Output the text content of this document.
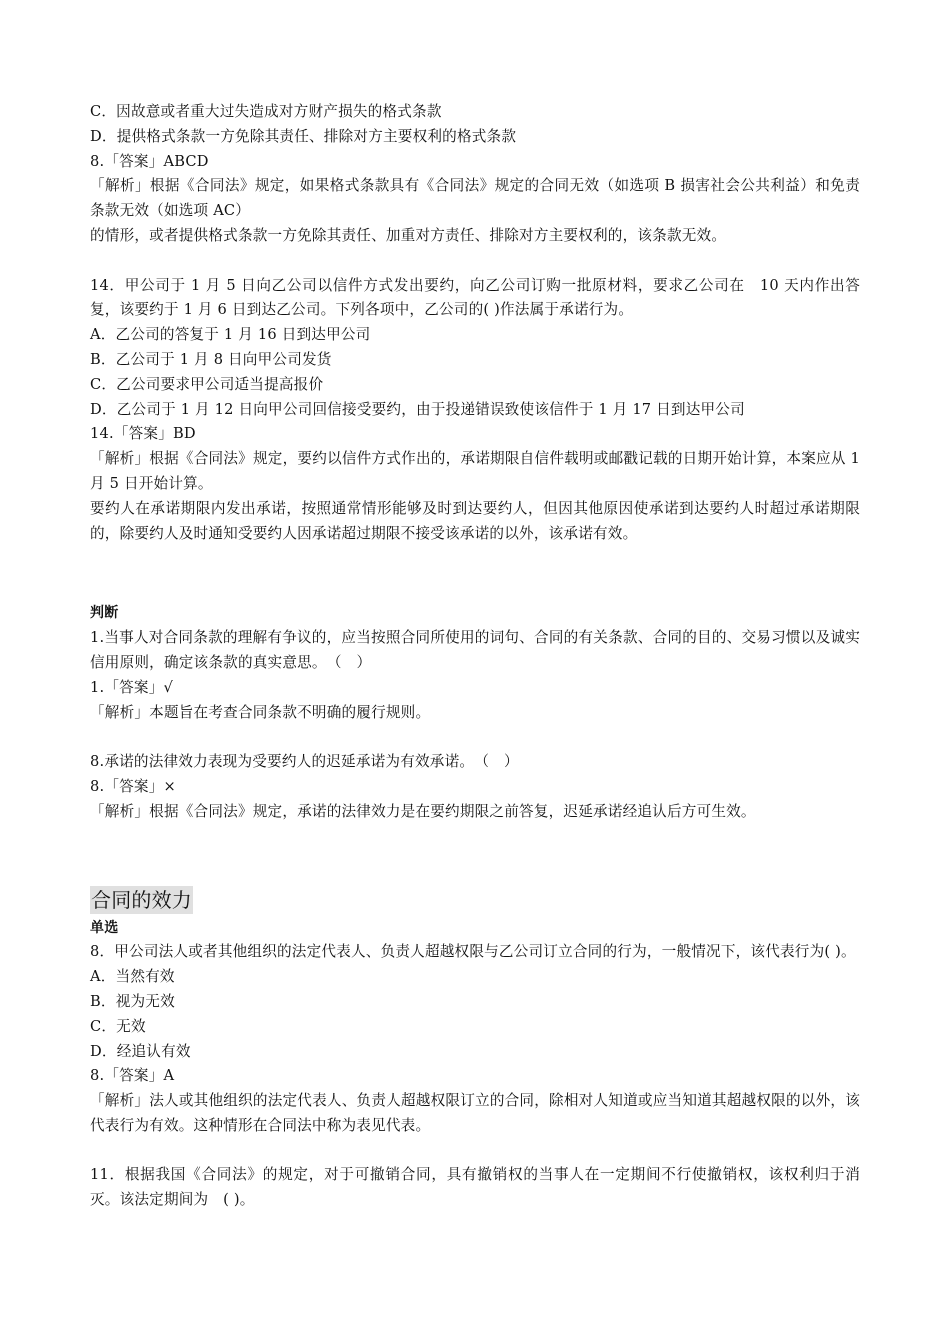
C．因故意或者重大过失造成对方财产损失的格式条款
D．提供格式条款一方免除其责任、排除对方主要权利的格式条款
8.「答案」ABCD
「解析」根据《合同法》规定，如果格式条款具有《合同法》规定的合同无效（如选项 B 损害社会公共利益）和免责条款无效（如选项 AC）
的情形，或者提供格式条款一方免除其责任、加重对方责任、排除对方主要权利的，该条款无效。
14．甲公司于 1 月 5 日向乙公司以信件方式发出要约，向乙公司订购一批原材料，要求乙公司在　10 天内作出答复，该要约于 1 月 6 日到达乙公司。下列各项中，乙公司的( )作法属于承诺行为。
A．乙公司的答复于 1 月 16 日到达甲公司
B．乙公司于 1 月 8 日向甲公司发货
C．乙公司要求甲公司适当提高报价
D．乙公司于 1 月 12 日向甲公司回信接受要约，由于投递错误致使该信件于 1 月 17 日到达甲公司
14.「答案」BD
「解析」根据《合同法》规定，要约以信件方式作出的，承诺期限自信件载明或邮戳记载的日期开始计算，本案应从 1 月 5 日开始计算。
要约人在承诺期限内发出承诺，按照通常情形能够及时到达要约人，但因其他原因使承诺到达要约人时超过承诺期限的，除要约人及时通知受要约人因承诺超过期限不接受该承诺的以外，该承诺有效。
判断
1.当事人对合同条款的理解有争议的，应当按照合同所使用的词句、合同的有关条款、合同的目的、交易习惯以及诚实信用原则，确定该条款的真实意思。　（　）
1.「答案」√
「解析」本题旨在考查合同条款不明确的履行规则。
8.承诺的法律效力表现为受要约人的迟延承诺为有效承诺。　（　）
8.「答案」×
「解析」根据《合同法》规定，承诺的法律效力是在要约期限之前答复，迟延承诺经追认后方可生效。
合同的效力
单选
8．甲公司法人或者其他组织的法定代表人、负责人超越权限与乙公司订立合同的行为，一般情况下，该代表行为( )。
A．当然有效
B．视为无效
C．无效
D．经追认有效
8.「答案」A
「解析」法人或其他组织的法定代表人、负责人超越权限订立的合同，除相对人知道或应当知道其超越权限的以外，该代表行为有效。这种情形在合同法中称为表见代表。
11．根据我国《合同法》的规定，对于可撤销合同，具有撤销权的当事人在一定期间不行使撤销权，该权利归于消灭。该法定期间为　( )。
